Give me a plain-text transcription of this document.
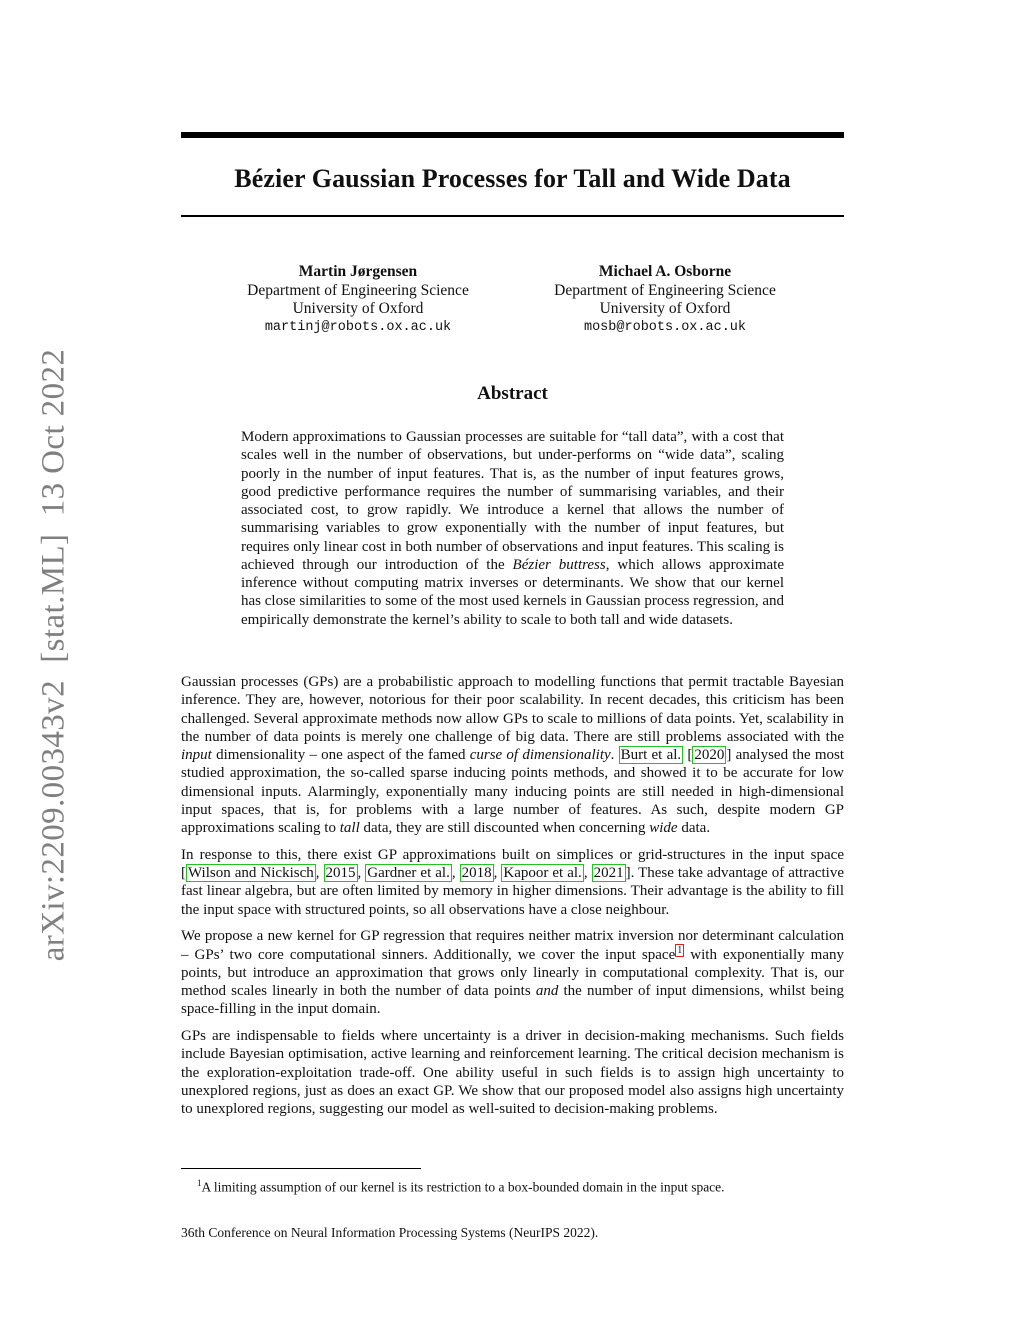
Bézier Gaussian Processes for Tall and Wide Data
Martin Jørgensen
Department of Engineering Science
University of Oxford
martinj@robots.ox.ac.uk
Michael A. Osborne
Department of Engineering Science
University of Oxford
mosb@robots.ox.ac.uk
arXiv:2209.00343v2  [stat.ML]  13 Oct 2022	Abstract
Modern approximations to Gaussian processes are suitable for “tall data”, with a cost that scales well in the number of observations, but under-performs on “wide data”, scaling poorly in the number of input features. That is, as the number of input features grows, good predictive performance requires the number of summarising variables, and their associated cost, to grow rapidly. We introduce a kernel that allows the number of summarising variables to grow exponentially with the number of input features, but requires only linear cost in both number of observations and input features. This scaling is achieved through our introduction of the Bézier buttress, which allows approximate inference without computing matrix inverses or determinants. We show that our kernel has close similarities to some of the most used kernels in Gaussian process regression, and empirically demonstrate the kernel’s ability to scale to both tall and wide datasets.

Gaussian processes (GPs) are a probabilistic approach to modelling functions that permit tractable Bayesian inference. They are, however, notorious for their poor scalability. In recent decades, this criticism has been challenged. Several approximate methods now allow GPs to scale to millions of data points. Yet, scalability in the number of data points is merely one challenge of big data. There are still problems associated with the input dimensionality – one aspect of the famed curse of dimensionality. Burt et al. [ 2020 ] analysed the most studied approximation, the so-called sparse inducing points methods, and showed it to be accurate for low dimensional inputs. Alarmingly, exponentially many inducing points are still needed in high-dimensional input spaces, that is, for problems with a large number of features. As such, despite modern GP approximations scaling to tall data, they are still discounted when concerning wide data.

In response to this, there exist GP approximations built on simplices or grid-structures in the input space [ Wilson and Nickisch , 2015 , Gardner et al. , 2018 , Kapoor et al. , 2021 ]. These take advantage of attractive fast linear algebra, but are often limited by memory in higher dimensions. Their advantage is the ability to fill the input space with structured points, so all observations have a close neighbour.

We propose a new kernel for GP regression that requires neither matrix inversion nor determinant calculation – GPs’ two core computational sinners. Additionally, we cover the input space $^1$ with exponentially many points, but introduce an approximation that grows only linearly in computational complexity. That is, our method scales linearly in both the number of data points and the number of input dimensions, whilst being space-filling in the input domain.

GPs are indispensable to fields where uncertainty is a driver in decision-making mechanisms. Such fields include Bayesian optimisation, active learning and reinforcement learning. The critical decision mechanism is the exploration-exploitation trade-off. One ability useful in such fields is to assign high uncertainty to unexplored regions, just as does an exact GP. We show that our proposed model also assigns high uncertainty to unexplored regions, suggesting our model as well-suited to decision-making problems.

$^1$A limiting assumption of our kernel is its restriction to a box-bounded domain in the input space.
36th Conference on Neural Information Processing Systems (NeurIPS 2022).
